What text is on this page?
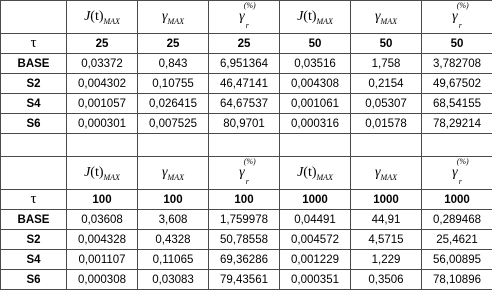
	$J(t)_{MAX}$	$\gamma_{MAX}$	$\gamma^{(\%)}_r$	$J(t)_{MAX}$	$\gamma_{MAX}$	$\gamma^{(\%)}_r$
τ	25	25	25	50	50	50
BASE	0,03372	0,843	6,951364	0,03516	1,758	3,782708
S2	0,004302	0,10755	46,47141	0,004308	0,2154	49,67502
S4	0,001057	0,026415	64,67537	0,001061	0,05307	68,54155
S6	0,000301	0,007525	80,9701	0,000316	0,01578	78,29214

	$J(t)_{MAX}$	$\gamma_{MAX}$	$\gamma^{(\%)}_r$	$J(t)_{MAX}$	$\gamma_{MAX}$	$\gamma^{(\%)}_r$
τ	100	100	100	1000	1000	1000
BASE	0,03608	3,608	1,759978	0,04491	44,91	0,289468
S2	0,004328	0,4328	50,78558	0,004572	4,5715	25,4621
S4	0,001107	0,11065	69,36286	0,001229	1,229	56,00895
S6	0,000308	0,03083	79,43561	0,000351	0,3506	78,10896
